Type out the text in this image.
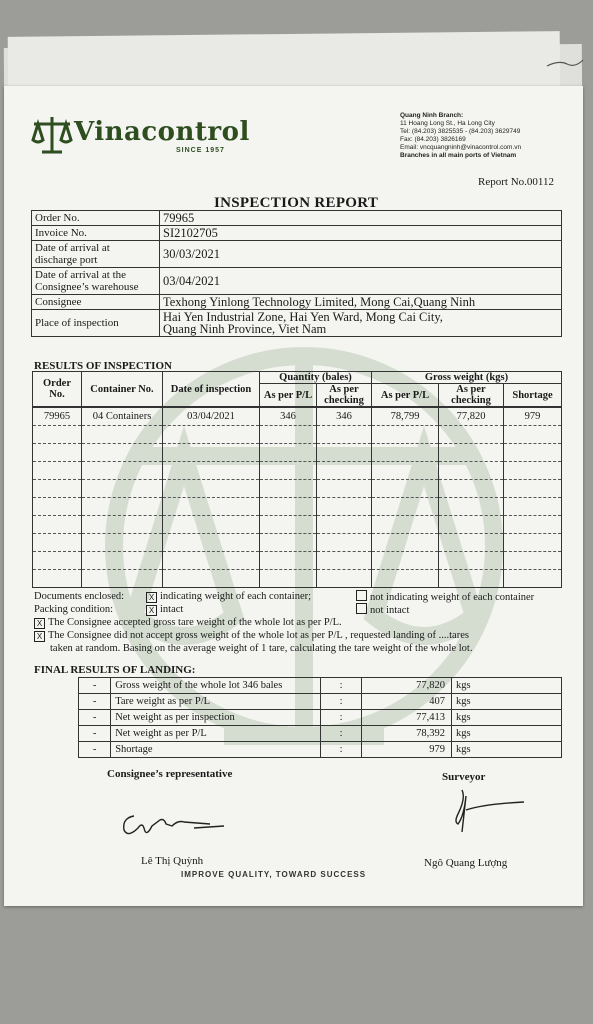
Vinacontrol
SINCE 1957
Quang Ninh Branch:
11 Hoang Long St., Ha Long City
Tel: (84.203) 3825535 - (84.203) 3629749
Fax: (84.203) 3826169
Email: vncquangninh@vinacontrol.com.vn
Branches in all main ports of Vietnam
Report No.00112
INSPECTION REPORT
Order No.	79965
Invoice No.	SI2102705
Date of arrival at
discharge port	30/03/2021
Date of arrival at the
Consignee’s warehouse	03/04/2021
Consignee	Texhong Yinlong Technology Limited, Mong Cai,Quang Ninh
Place of inspection	Hai Yen Industrial Zone, Hai Yen Ward, Mong Cai City,
Quang Ninh Province, Viet Nam
RESULTS OF INSPECTION
Order No.	Container No.	Date of inspection	Quantity (bales)		Gross weight (kgs)		
			As per P/L	As per checking	As per P/L	As per checking	Shortage
79965	04 Containers	03/04/2021	346	346	78,799	77,820	979

Documents enclosed:	X indicating weight of each container;	not indicating weight of each container
Packing condition:	X intact	not intact
X The Consignee accepted gross tare weight of the whole lot as per P/L.
X The Consignee did not accept gross weight of the whole lot as per P/L , requested landing of ....tares
taken at random. Basing on the average weight of 1 tare, calculating the tare weight of the whole lot.
FINAL RESULTS OF LANDING:
-	Gross weight of the whole lot 346 bales	:	77,820	kgs
-	Tare weight as per P/L	:	407	kgs
-	Net weight as per inspection	:	77,413	kgs
-	Net weight as per P/L	:	78,392	kgs
-	Shortage	:	979	kgs
Consignee’s representative	Surveyor
Lê Thị Quỳnh	Ngô Quang Lượng
IMPROVE QUALITY, TOWARD SUCCESS
